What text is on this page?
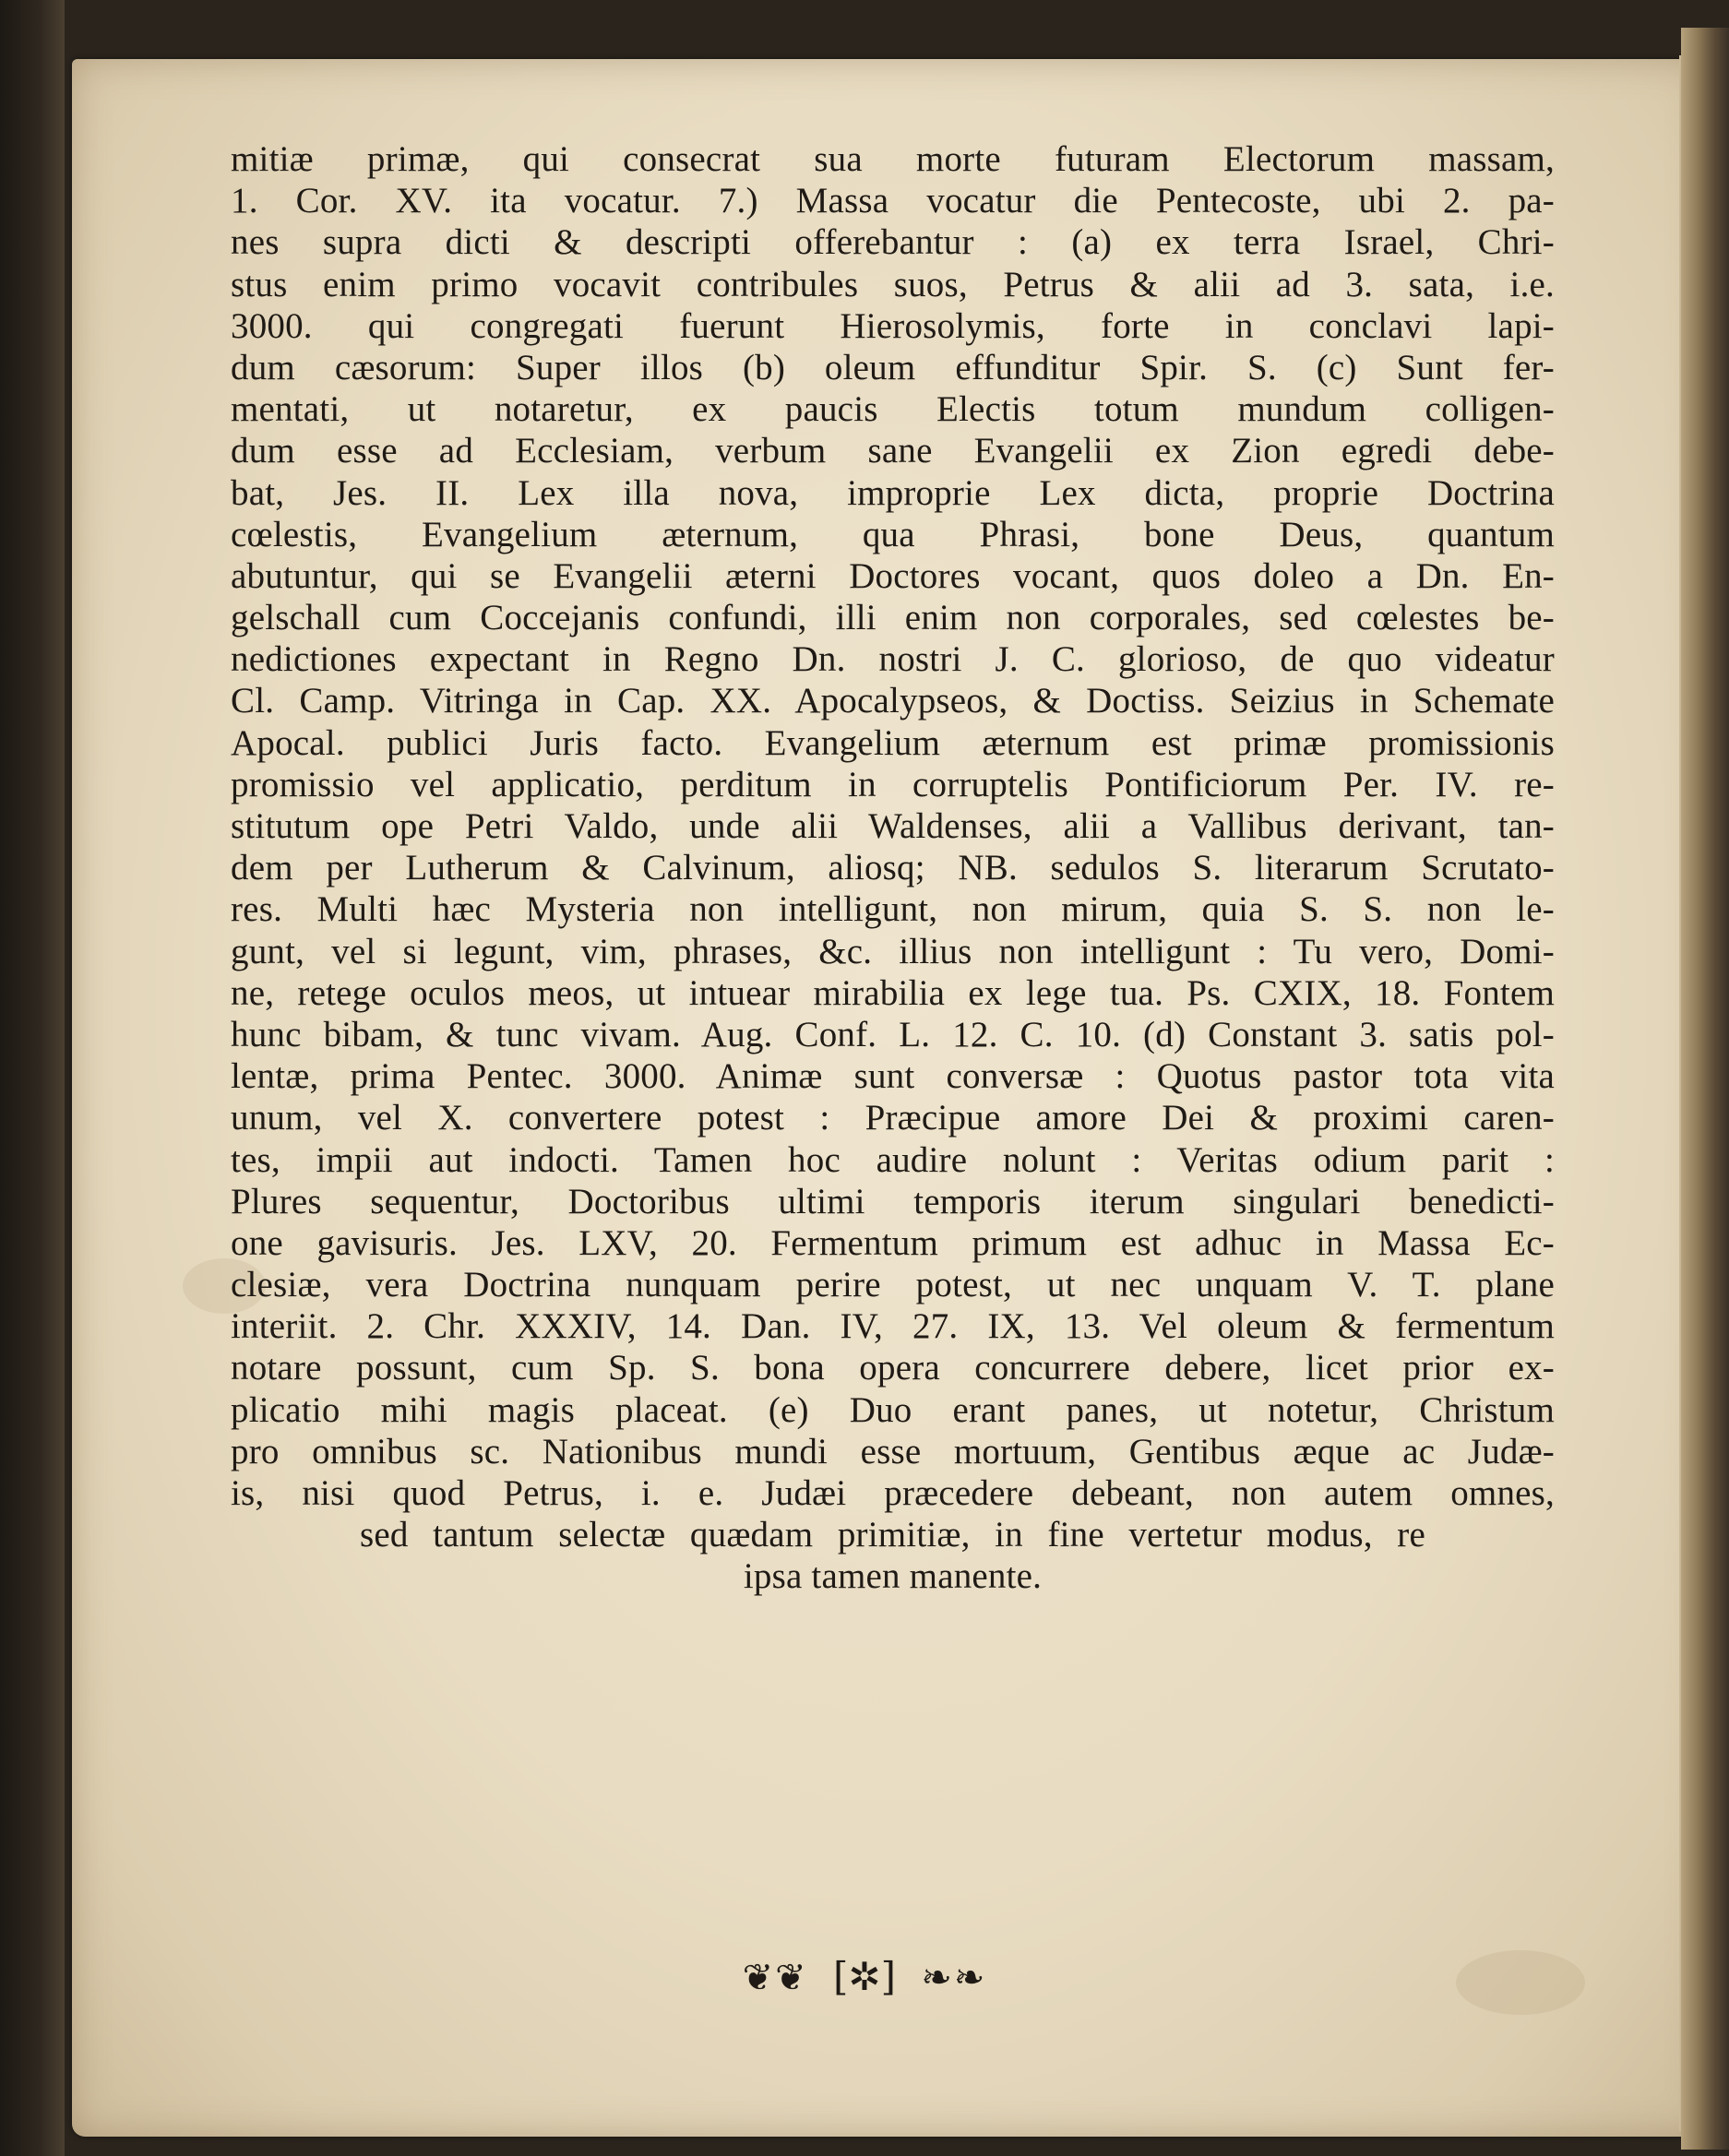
mitiæ primæ, qui consecrat sua morte futuram Electorum massam,
1. Cor. XV. ita vocatur. 7.) Massa vocatur die Pentecoste, ubi 2. pa-
nes supra dicti & descripti offerebantur : (a) ex terra Israel, Chri-
stus enim primo vocavit contribules suos, Petrus & alii ad 3. sata, i.e.
3000. qui congregati fuerunt Hierosolymis, forte in conclavi lapi-
dum cæsorum: Super illos (b) oleum effunditur Spir. S. (c) Sunt fer-
mentati, ut notaretur, ex paucis Electis totum mundum colligen-
dum esse ad Ecclesiam, verbum sane Evangelii ex Zion egredi debe-
bat, Jes. II. Lex illa nova, improprie Lex dicta, proprie Doctrina
cœlestis, Evangelium æternum, qua Phrasi, bone Deus, quantum
abutuntur, qui se Evangelii æterni Doctores vocant, quos doleo a Dn. En-
gelschall cum Coccejanis confundi, illi enim non corporales, sed cœlestes be-
nedictiones expectant in Regno Dn. nostri J. C. glorioso, de quo videatur
Cl. Camp. Vitringa in Cap. XX. Apocalypseos, & Doctiss. Seizius in Schemate
Apocal. publici Juris facto. Evangelium æternum est primæ promissionis
promissio vel applicatio, perditum in corruptelis Pontificiorum Per. IV. re-
stitutum ope Petri Valdo, unde alii Waldenses, alii a Vallibus derivant, tan-
dem per Lutherum & Calvinum, aliosq; NB. sedulos S. literarum Scrutato-
res. Multi hæc Mysteria non intelligunt, non mirum, quia S. S. non le-
gunt, vel si legunt, vim, phrases, &c. illius non intelligunt : Tu vero, Domi-
ne, retege oculos meos, ut intuear mirabilia ex lege tua. Ps. CXIX, 18. Fontem
hunc bibam, & tunc vivam. Aug. Conf. L. 12. C. 10. (d) Constant 3. satis pol-
lentæ, prima Pentec. 3000. Animæ sunt conversæ : Quotus pastor tota vita
unum, vel X. convertere potest : Præcipue amore Dei & proximi caren-
tes, impii aut indocti. Tamen hoc audire nolunt : Veritas odium parit :
Plures sequentur, Doctoribus ultimi temporis iterum singulari benedicti-
one gavisuris. Jes. LXV, 20. Fermentum primum est adhuc in Massa Ec-
clesiæ, vera Doctrina nunquam perire potest, ut nec unquam V. T. plane
interiit. 2. Chr. XXXIV, 14. Dan. IV, 27. IX, 13. Vel oleum & fermentum
notare possunt, cum Sp. S. bona opera concurrere debere, licet prior ex-
plicatio mihi magis placeat. (e) Duo erant panes, ut notetur, Christum
pro omnibus sc. Nationibus mundi esse mortuum, Gentibus æque ac Judæ-
is, nisi quod Petrus, i. e. Judæi præcedere debeant, non autem omnes,
sed tantum selectæ quædam primitiæ, in fine vertetur modus, re
ipsa tamen manente.
❦❦ [✲] ❧❧
